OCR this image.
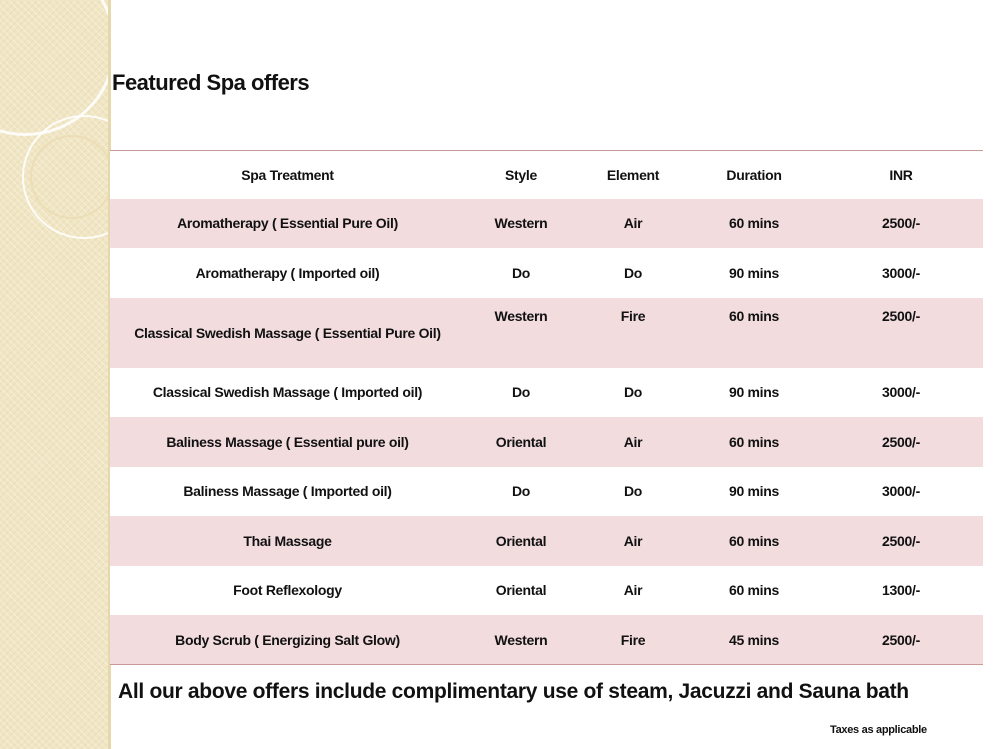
Featured Spa offers
Spa Treatment	Style	Element	Duration	INR
Aromatherapy ( Essential Pure Oil)	Western	Air	60 mins	2500/-
Aromatherapy ( Imported oil)	Do	Do	90 mins	3000/-
Classical Swedish Massage ( Essential Pure Oil)	Western	Fire	60 mins	2500/-
Classical Swedish Massage ( Imported oil)	Do	Do	90 mins	3000/-
Baliness Massage ( Essential pure oil)	Oriental	Air	60 mins	2500/-
Baliness Massage ( Imported oil)	Do	Do	90 mins	3000/-
Thai Massage	Oriental	Air	60 mins	2500/-
Foot Reflexology	Oriental	Air	60 mins	1300/-
Body Scrub ( Energizing Salt Glow)	Western	Fire	45 mins	2500/-
All our above offers include complimentary use of steam, Jacuzzi and Sauna bath
Taxes as applicable
